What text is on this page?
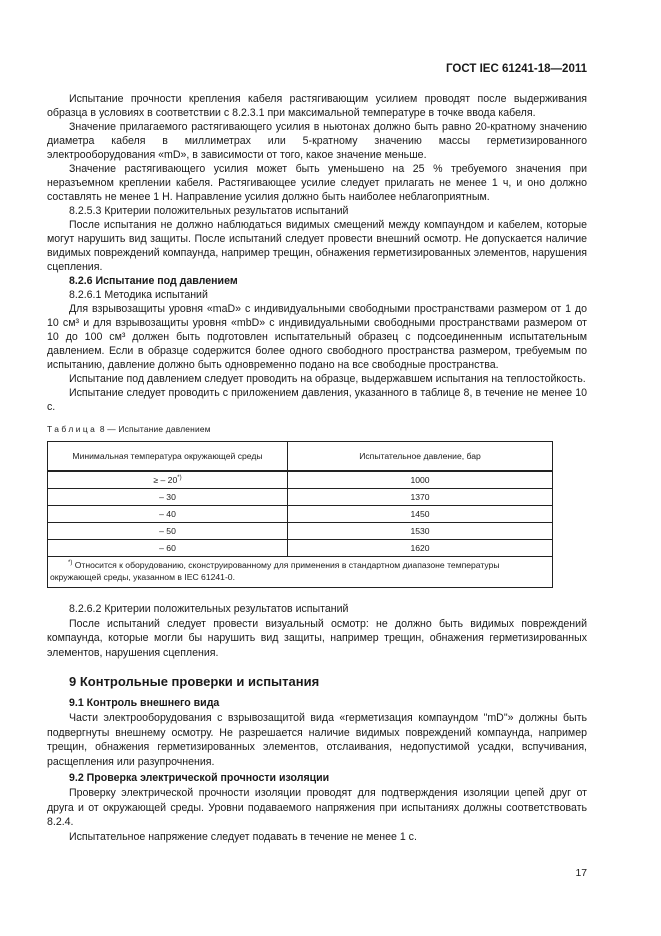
ГОСТ IEC 61241-18—2011

Испытание прочности крепления кабеля растягивающим усилием проводят после выдерживания образца в условиях в соответствии с 8.2.3.1 при максимальной температуре в точке ввода кабеля.

Значение прилагаемого растягивающего усилия в ньютонах должно быть равно 20-кратному значению диаметра кабеля в миллиметрах или 5-кратному значению массы герметизированного электрооборудования «mD», в зависимости от того, какое значение меньше.

Значение растягивающего усилия может быть уменьшено на 25 % требуемого значения при неразъемном креплении кабеля. Растягивающее усилие следует прилагать не менее 1 ч, и оно должно составлять не менее 1 Н. Направление усилия должно быть наиболее неблагоприятным.

8.2.5.3 Критерии положительных результатов испытаний

После испытания не должно наблюдаться видимых смещений между компаундом и кабелем, которые могут нарушить вид защиты. После испытаний следует провести внешний осмотр. Не допускается наличие видимых повреждений компаунда, например трещин, обнажения герметизированных элементов, нарушения сцепления.

8.2.6 Испытание под давлением

8.2.6.1 Методика испытаний

Для взрывозащиты уровня «maD» с индивидуальными свободными пространствами размером от 1 до 10 см³ и для взрывозащиты уровня «mbD» с индивидуальными свободными пространствами размером от 10 до 100 см³ должен быть подготовлен испытательный образец с подсоединенным испытательным давлением. Если в образце содержится более одного свободного пространства размером, требуемым по испытанию, давление должно быть одновременно подано на все свободные пространства.

Испытание под давлением следует проводить на образце, выдержавшем испытания на теплостойкость.

Испытание следует проводить с приложением давления, указанного в таблице 8, в течение не менее 10 с.

Таблица 8 — Испытание давлением
Минимальная температура окружающей среды	Испытательное давление, бар
≥ – 20*)	1000
– 30	1370
– 40	1450
– 50	1530
– 60	1620
*) Относится к оборудованию, сконструированному для применения в стандартном диапазоне температуры окружающей среды, указанном в IEC 61241-0.	

8.2.6.2 Критерии положительных результатов испытаний

После испытаний следует провести визуальный осмотр: не должно быть видимых повреждений компаунда, которые могли бы нарушить вид защиты, например трещин, обнажения герметизированных элементов, нарушения сцепления.

9 Контрольные проверки и испытания

9.1 Контроль внешнего вида

Части электрооборудования с взрывозащитой вида «герметизация компаундом "mD"» должны быть подвергнуты внешнему осмотру. Не разрешается наличие видимых повреждений компаунда, например трещин, обнажения герметизированных элементов, отслаивания, недопустимой усадки, вспучивания, расщепления или разупрочнения.

9.2 Проверка электрической прочности изоляции

Проверку электрической прочности изоляции проводят для подтверждения изоляции цепей друг от друга и от окружающей среды. Уровни подаваемого напряжения при испытаниях должны соответствовать 8.2.4.

Испытательное напряжение следует подавать в течение не менее 1 с.

17
